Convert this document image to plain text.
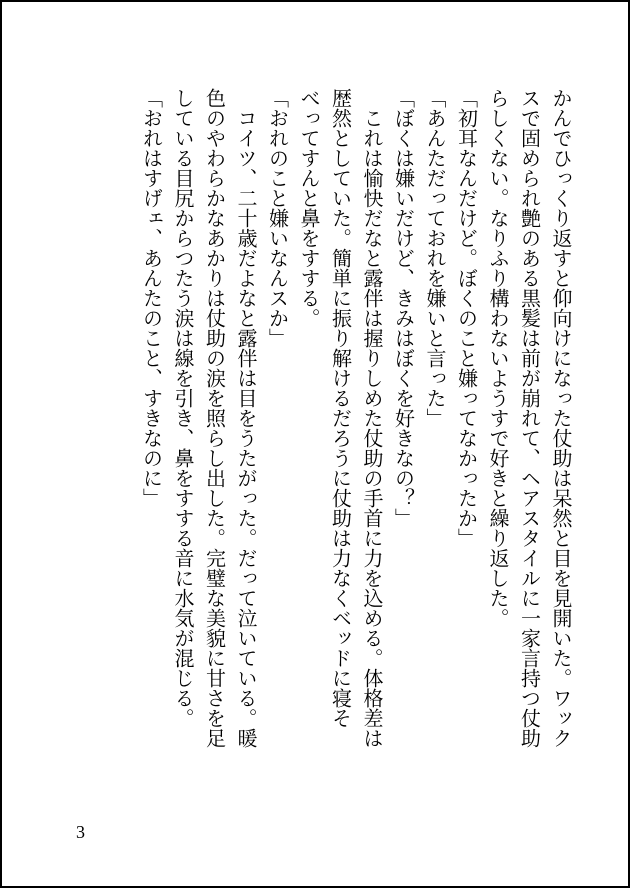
かんでひっくり返すと仰向けになった仗助は呆然と目を見開いた。ワック
スで固められ艶のある黒髪は前が崩れて、ヘアスタイルに一家言持つ仗助
らしくない。なりふり構わないようすで好きと繰り返した。
「初耳なんだけど。ぼくのこと嫌ってなかったか」
「あんただっておれを嫌いと言った」
「ぼくは嫌いだけど、きみはぼくを好きなの？」
　これは愉快だなと露伴は握りしめた仗助の手首に力を込める。体格差は
歴然としていた。簡単に振り解けるだろうに仗助は力なくベッドに寝そ
べってすんと鼻をすする。
「おれのこと嫌いなんスか」
　コイツ、二十歳だよなと露伴は目をうたがった。だって泣いている。暖
色のやわらかなあかりは仗助の涙を照らし出した。完璧な美貌に甘さを足
している目尻からつたう涙は線を引き、鼻をすする音に水気が混じる。
「おれはすげェ、あんたのこと、すきなのに」
3
